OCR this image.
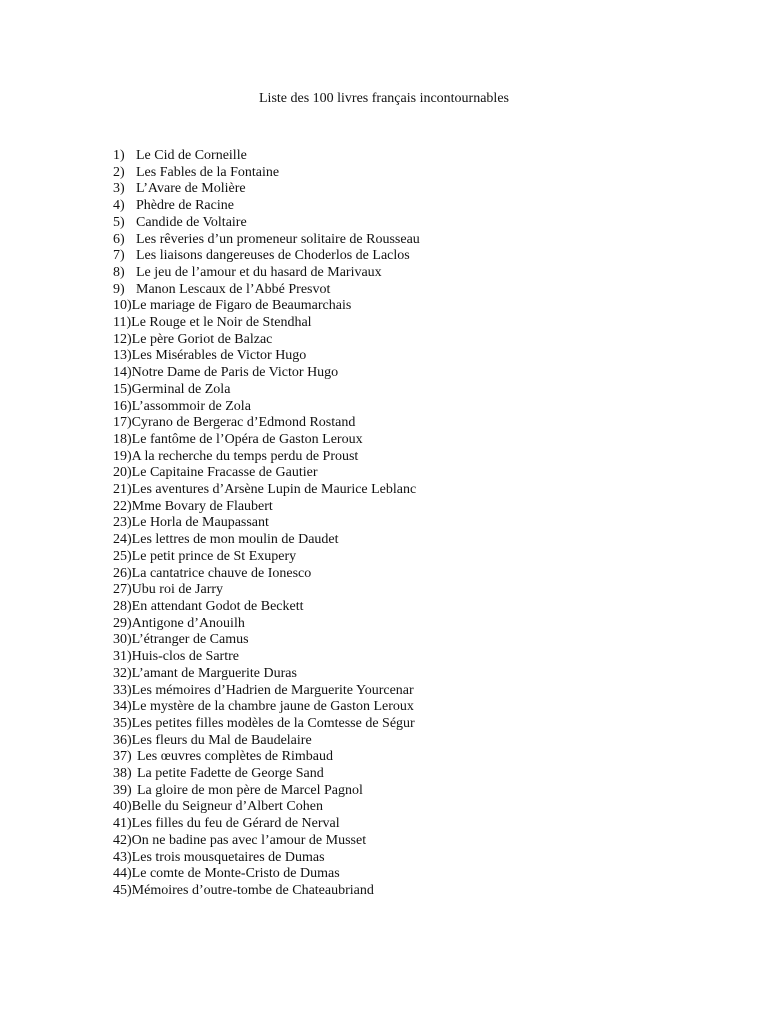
Liste des 100 livres français incontournables
1) Le Cid de Corneille
2) Les Fables de la Fontaine
3) L’Avare de Molière
4) Phèdre de Racine
5) Candide de Voltaire
6) Les rêveries d’un promeneur solitaire de Rousseau
7) Les liaisons dangereuses de Choderlos de Laclos
8) Le jeu de l’amour et du hasard de Marivaux
9) Manon Lescaux de l’Abbé Presvot
10) Le mariage de Figaro de Beaumarchais
11) Le Rouge et le Noir de Stendhal
12) Le père Goriot de Balzac
13) Les Misérables de Victor Hugo
14) Notre Dame de Paris de Victor Hugo
15) Germinal de Zola
16) L’assommoir de Zola
17) Cyrano de Bergerac d’Edmond Rostand
18) Le fantôme de l’Opéra de Gaston Leroux
19) A la recherche du temps perdu de Proust
20) Le Capitaine Fracasse de Gautier
21) Les aventures d’Arsène Lupin de Maurice Leblanc
22) Mme Bovary de Flaubert
23) Le Horla de Maupassant
24) Les lettres de mon moulin de Daudet
25) Le petit prince de St Exupery
26) La cantatrice chauve de Ionesco
27) Ubu roi de Jarry
28) En attendant Godot de Beckett
29) Antigone d’Anouilh
30) L’étranger de Camus
31) Huis-clos de Sartre
32) L’amant de Marguerite Duras
33) Les mémoires d’Hadrien de Marguerite Yourcenar
34) Le mystère de la chambre jaune de Gaston Leroux
35) Les petites filles modèles de la Comtesse de Ségur
36) Les fleurs du Mal de Baudelaire
37) Les œuvres complètes de Rimbaud
38) La petite Fadette de George Sand
39) La gloire de mon père de Marcel Pagnol
40) Belle du Seigneur d’Albert Cohen
41) Les filles du feu de Gérard de Nerval
42) On ne badine pas avec l’amour de Musset
43) Les trois mousquetaires de Dumas
44) Le comte de Monte-Cristo de Dumas
45) Mémoires d’outre-tombe de Chateaubriand
